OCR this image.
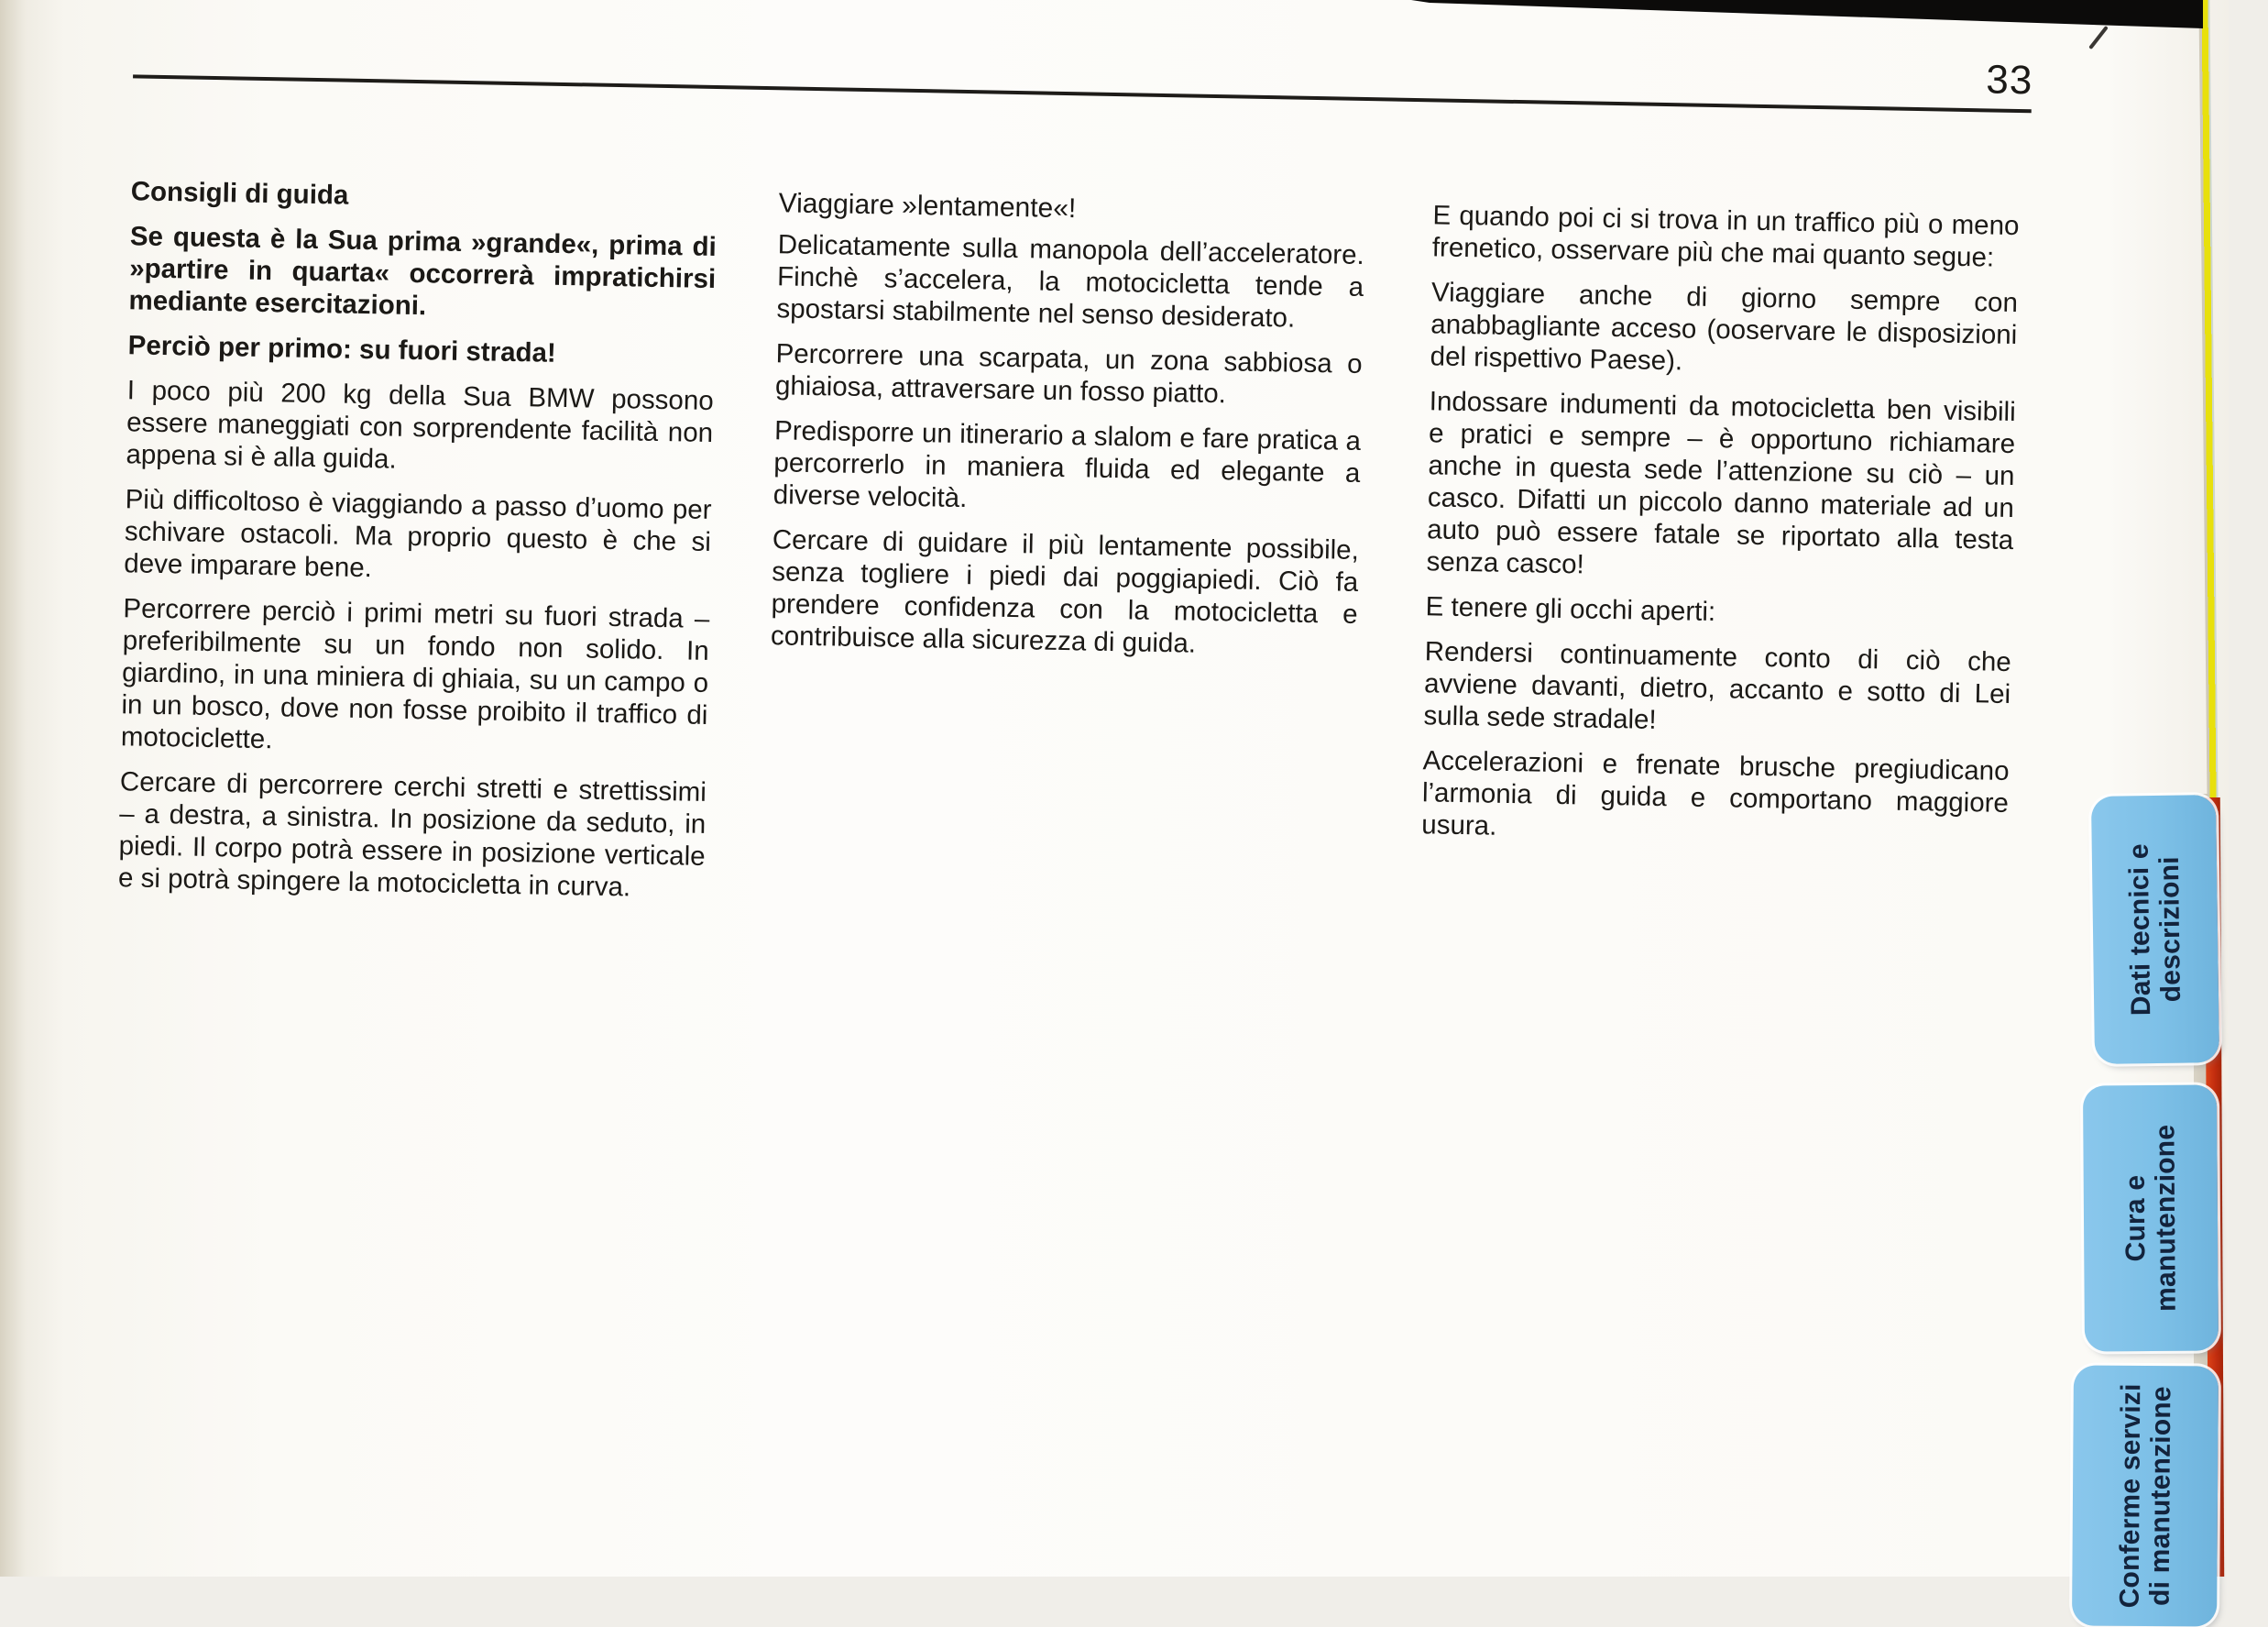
33

Consigli di guida

Se questa è la Sua prima »grande«, prima di »partire in quarta« occorrerà impratichirsi mediante esercitazioni.

Perciò per primo: su fuori strada!

I poco più 200 kg della Sua BMW possono essere maneggiati con sorprendente facilità non appena si è alla guida.

Più difficoltoso è viaggiando a passo d’uomo per schivare ostacoli. Ma proprio questo è che si deve imparare bene.

Percorrere perciò i primi metri su fuori strada – preferibilmente su un fondo non solido. In giardino, in una miniera di ghiaia, su un campo o in un bosco, dove non fosse proibito il traffico di motociclette.

Cercare di percorrere cerchi stretti e strettissimi – a destra, a sinistra. In posizione da seduto, in piedi. Il corpo potrà essere in posizione verticale e si potrà spingere la motocicletta in curva.

Viaggiare »lentamente«!

Delicatamente sulla manopola dell’acceleratore. Finchè s’accelera, la motocicletta tende a spostarsi stabilmente nel senso desiderato.

Percorrere una scarpata, un zona sabbiosa o ghiaiosa, attraversare un fosso piatto.

Predisporre un itinerario a slalom e fare pratica a percorrerlo in maniera fluida ed elegante a diverse velocità.

Cercare di guidare il più lentamente possibile, senza togliere i piedi dai poggiapiedi. Ciò fa prendere confidenza con la motocicletta e contribuisce alla sicurezza di guida.

E quando poi ci si trova in un traffico più o meno frenetico, osservare più che mai quanto segue:

Viaggiare anche di giorno sempre con anabbagliante acceso (ooservare le disposizioni del rispettivo Paese).

Indossare indumenti da motocicletta ben visibili e pratici e sempre – è opportuno richiamare anche in questa sede l’attenzione su ciò – un casco. Difatti un piccolo danno materiale ad un auto può essere fatale se riportato alla testa senza casco!

E tenere gli occhi aperti:

Rendersi continuamente conto di ciò che avviene davanti, dietro, accanto e sotto di Lei sulla sede stradale!

Accelerazioni e frenate brusche pregiudicano l’armonia di guida e comportano maggiore usura.

Dati tecnici e
descrizioni
Cura e
manutenzione
Conferme servizi
di manutenzione
